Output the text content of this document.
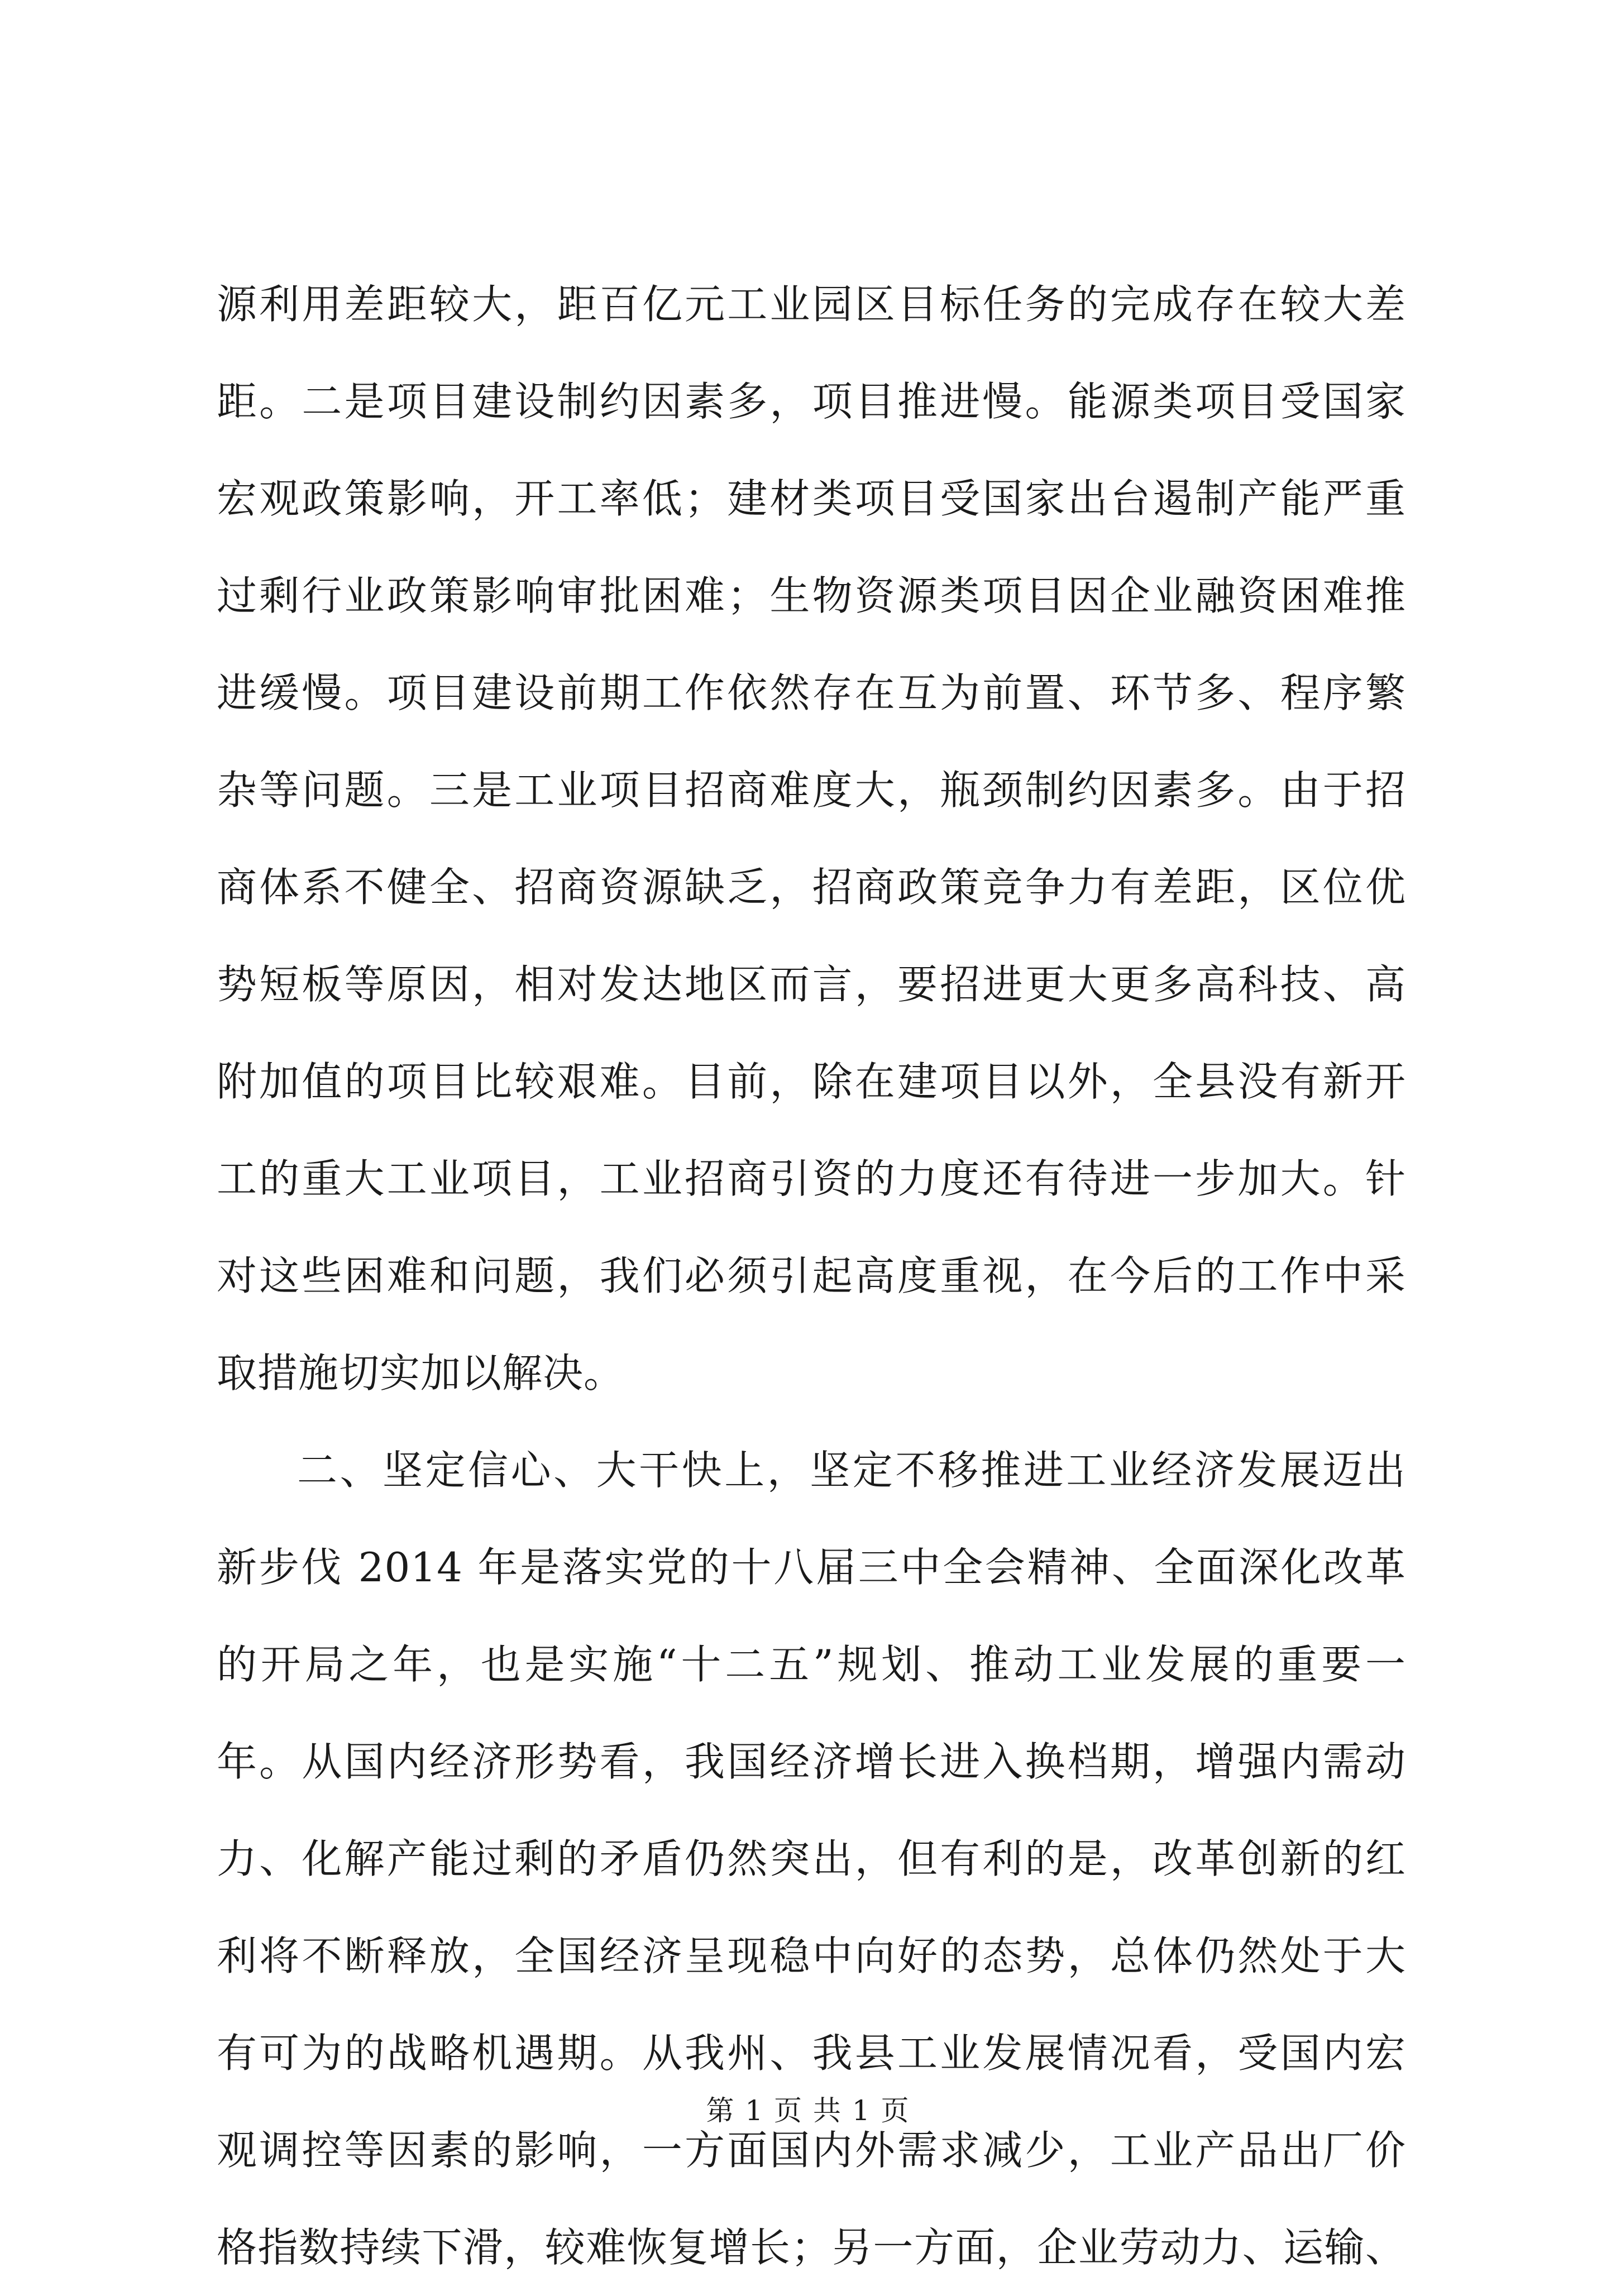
源利用差距较大，距百亿元工业园区目标任务的完成存在较大差
距。二是项目建设制约因素多，项目推进慢。能源类项目受国家
宏观政策影响，开工率低；建材类项目受国家出台遏制产能严重
过剩行业政策影响审批困难；生物资源类项目因企业融资困难推
进缓慢。项目建设前期工作依然存在互为前置、环节多、程序繁
杂等问题。三是工业项目招商难度大，瓶颈制约因素多。由于招
商体系不健全、招商资源缺乏，招商政策竞争力有差距，区位优
势短板等原因，相对发达地区而言，要招进更大更多高科技、高
附加值的项目比较艰难。目前，除在建项目以外，全县没有新开
工的重大工业项目，工业招商引资的力度还有待进一步加大。针
对这些困难和问题，我们必须引起高度重视，在今后的工作中采
取措施切实加以解决。
二、坚定信心、大干快上，坚定不移推进工业经济发展迈出
新步伐 2014 年是落实党的十八届三中全会精神、全面深化改革
的开局之年，也是实施“十二五”规划、推动工业发展的重要一
年。从国内经济形势看，我国经济增长进入换档期，增强内需动
力、化解产能过剩的矛盾仍然突出，但有利的是，改革创新的红
利将不断释放，全国经济呈现稳中向好的态势，总体仍然处于大
有可为的战略机遇期。从我州、我县工业发展情况看，受国内宏
观调控等因素的影响，一方面国内外需求减少，工业产品出厂价
格指数持续下滑，较难恢复增长；另一方面，企业劳动力、运输、
第 1 页 共 1 页
